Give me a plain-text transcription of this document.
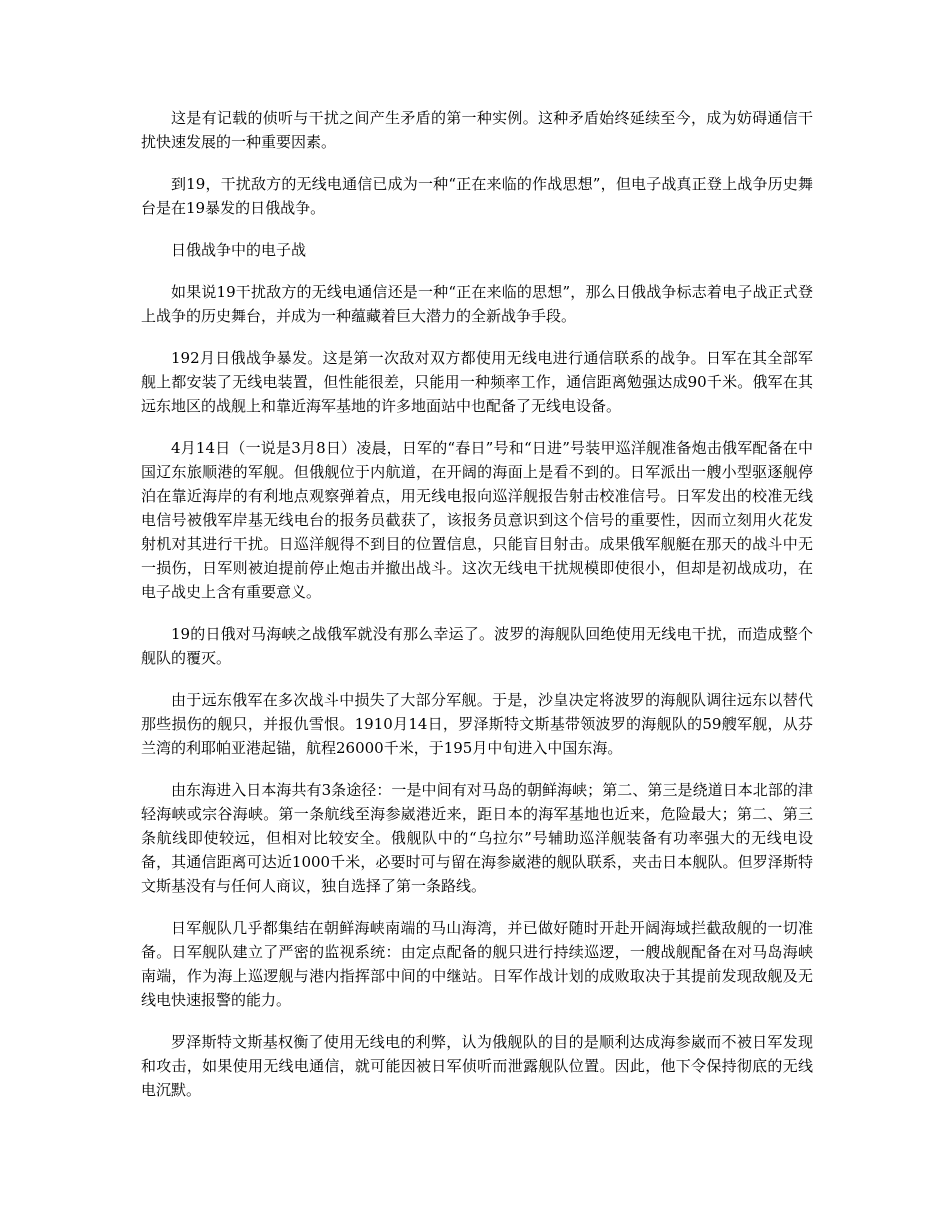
这是有记载的侦听与干扰之间产生矛盾的第一种实例。这种矛盾始终延续至今，成为妨碍通信干扰快速发展的一种重要因素。

到19，干扰敌方的无线电通信已成为一种“正在来临的作战思想”，但电子战真正登上战争历史舞台是在19暴发的日俄战争。

日俄战争中的电子战

如果说19干扰敌方的无线电通信还是一种“正在来临的思想”，那么日俄战争标志着电子战正式登上战争的历史舞台，并成为一种蕴藏着巨大潜力的全新战争手段。

192月日俄战争暴发。这是第一次敌对双方都使用无线电进行通信联系的战争。日军在其全部军舰上都安装了无线电装置，但性能很差，只能用一种频率工作，通信距离勉强达成90千米。俄军在其远东地区的战舰上和靠近海军基地的许多地面站中也配备了无线电设备。

4月14日（一说是3月8日）凌晨，日军的“春日”号和“日进”号装甲巡洋舰准备炮击俄军配备在中国辽东旅顺港的军舰。但俄舰位于内航道，在开阔的海面上是看不到的。日军派出一艘小型驱逐舰停泊在靠近海岸的有利地点观察弹着点，用无线电报向巡洋舰报告射击校准信号。日军发出的校准无线电信号被俄军岸基无线电台的报务员截获了，该报务员意识到这个信号的重要性，因而立刻用火花发射机对其进行干扰。日巡洋舰得不到目的位置信息，只能盲目射击。成果俄军舰艇在那天的战斗中无一损伤，日军则被迫提前停止炮击并撤出战斗。这次无线电干扰规模即使很小，但却是初战成功，在电子战史上含有重要意义。

19的日俄对马海峡之战俄军就没有那么幸运了。波罗的海舰队回绝使用无线电干扰，而造成整个舰队的覆灭。

由于远东俄军在多次战斗中损失了大部分军舰。于是，沙皇决定将波罗的海舰队调往远东以替代那些损伤的舰只，并报仇雪恨。1910月14日，罗泽斯特文斯基带领波罗的海舰队的59艘军舰，从芬兰湾的利耶帕亚港起锚，航程26000千米，于195月中旬进入中国东海。

由东海进入日本海共有3条途径：一是中间有对马岛的朝鲜海峡；第二、第三是绕道日本北部的津轻海峡或宗谷海峡。第一条航线至海参崴港近来，距日本的海军基地也近来，危险最大；第二、第三条航线即使较远，但相对比较安全。俄舰队中的“乌拉尔”号辅助巡洋舰装备有功率强大的无线电设备，其通信距离可达近1000千米，必要时可与留在海参崴港的舰队联系，夹击日本舰队。但罗泽斯特文斯基没有与任何人商议，独自选择了第一条路线。

日军舰队几乎都集结在朝鲜海峡南端的马山海湾，并已做好随时开赴开阔海域拦截敌舰的一切准备。日军舰队建立了严密的监视系统：由定点配备的舰只进行持续巡逻，一艘战舰配备在对马岛海峡南端，作为海上巡逻舰与港内指挥部中间的中继站。日军作战计划的成败取决于其提前发现敌舰及无线电快速报警的能力。

罗泽斯特文斯基权衡了使用无线电的利弊，认为俄舰队的目的是顺利达成海参崴而不被日军发现和攻击，如果使用无线电通信，就可能因被日军侦听而泄露舰队位置。因此，他下令保持彻底的无线电沉默。
